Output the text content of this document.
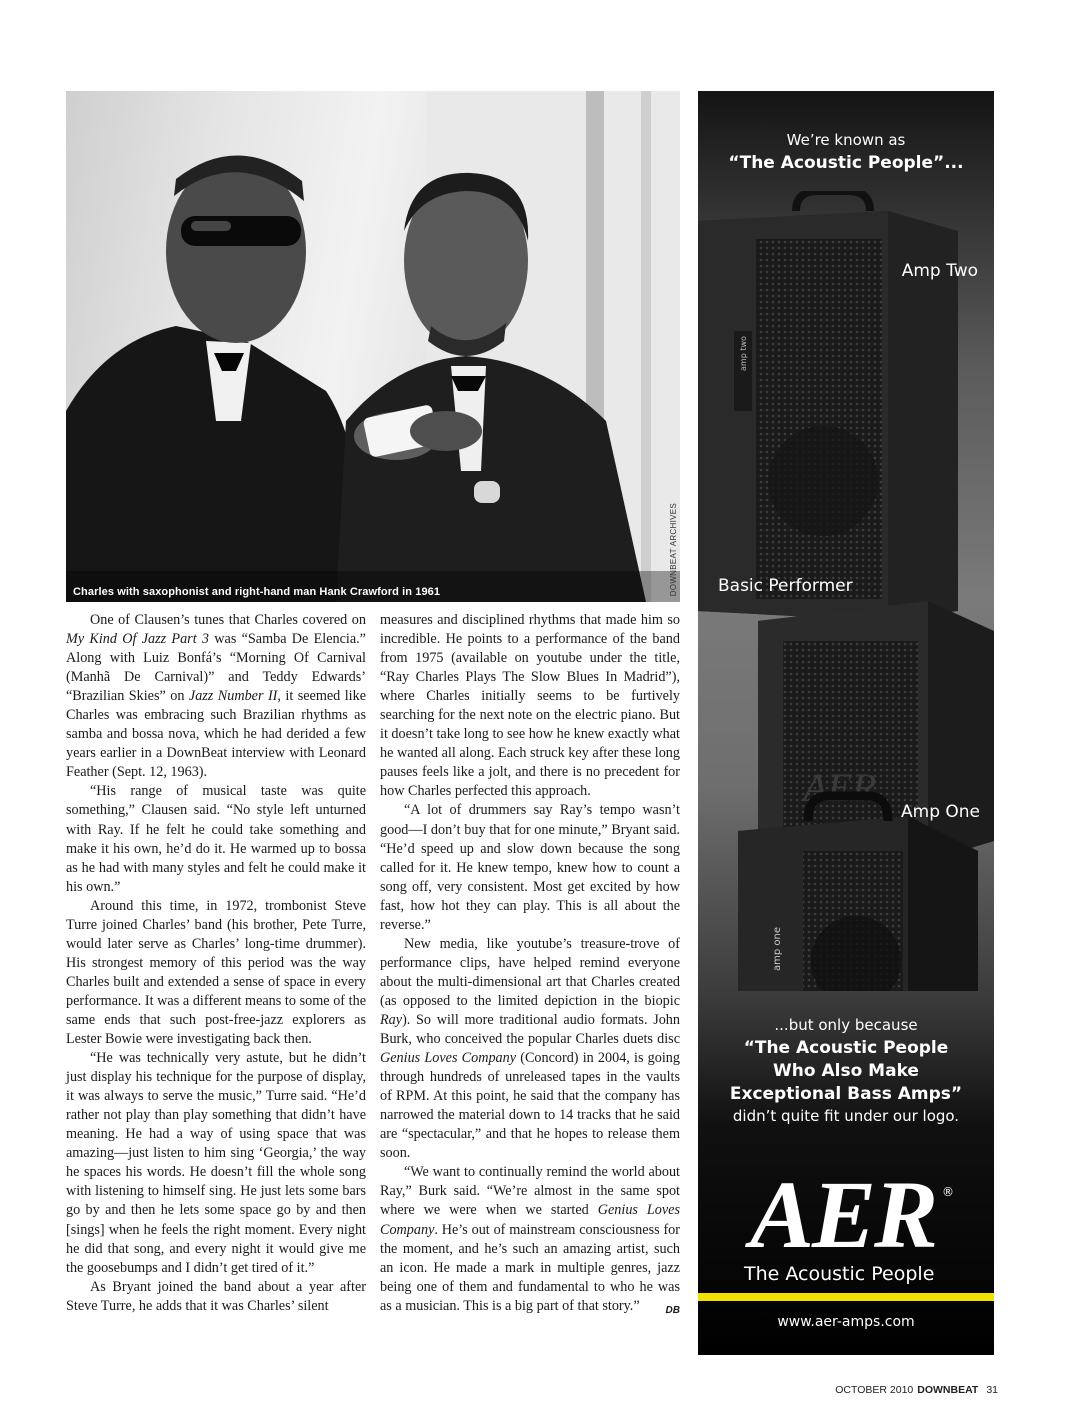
Charles with saxophonist and right-hand man Hank Crawford in 1961	DOWNBEAT ARCHIVES

One of Clausen’s tunes that Charles covered on My Kind Of Jazz Part 3 was “Samba De Elencia.” Along with Luiz Bonfá’s “Morning Of Carnival (Manhã De Carnival)” and Teddy Edwards’ “Brazilian Skies” on Jazz Number II, it seemed like Charles was embracing such Brazilian rhythms as samba and bossa nova, which he had derided a few years earlier in a DownBeat interview with Leonard Feather (Sept. 12, 1963).

“His range of musical taste was quite something,” Clausen said. “No style left unturned with Ray. If he felt he could take something and make it his own, he’d do it. He warmed up to bossa as he had with many styles and felt he could make it his own.”

Around this time, in 1972, trombonist Steve Turre joined Charles’ band (his brother, Pete Turre, would later serve as Charles’ long-time drummer). His strongest memory of this period was the way Charles built and extended a sense of space in every performance. It was a different means to some of the same ends that such post-free-jazz explorers as Lester Bowie were investigating back then.

“He was technically very astute, but he didn’t just display his technique for the purpose of display, it was always to serve the music,” Turre said. “He’d rather not play than play something that didn’t have meaning. He had a way of using space that was amazing—just listen to him sing ‘Georgia,’ the way he spaces his words. He doesn’t fill the whole song with listening to himself sing. He just lets some bars go by and then he lets some space go by and then [sings] when he feels the right moment. Every night he did that song, and every night it would give me the goosebumps and I didn’t get tired of it.”

As Bryant joined the band about a year after Steve Turre, he adds that it was Charles’ silent

measures and disciplined rhythms that made him so incredible. He points to a performance of the band from 1975 (available on youtube under the title, “Ray Charles Plays The Slow Blues In Madrid”), where Charles initially seems to be furtively searching for the next note on the electric piano. But it doesn’t take long to see how he knew exactly what he wanted all along. Each struck key after these long pauses feels like a jolt, and there is no precedent for how Charles perfected this approach.

“A lot of drummers say Ray’s tempo wasn’t good—I don’t buy that for one minute,” Bryant said. “He’d speed up and slow down because the song called for it. He knew tempo, knew how to count a song off, very consistent. Most get excited by how fast, how hot they can play. This is all about the reverse.”

New media, like youtube’s treasure-trove of performance clips, have helped remind everyone about the multi-dimensional art that Charles created (as opposed to the limited depiction in the biopic Ray). So will more traditional audio formats. John Burk, who conceived the popular Charles duets disc Genius Loves Company (Concord) in 2004, is going through hundreds of unreleased tapes in the vaults of RPM. At this point, he said that the company has narrowed the material down to 14 tracks that he said are “spectacular,” and that he hopes to release them soon.

“We want to continually remind the world about Ray,” Burk said. “We’re almost in the same spot where we were when we started Genius Loves Company. He’s out of mainstream consciousness for the moment, and he’s such an amazing artist, such an icon. He made a mark in multiple genres, jazz being one of them and fundamental to who he was as a musician. This is a big part of that story.”	DB

We’re known as
“The Acoustic People”...
amp two
AER
amp one
Amp Two
Basic Performer
Amp One
...but only because
“The Acoustic People
Who Also Make
Exceptional Bass Amps”
didn’t quite fit under our logo.
AER ®
The Acoustic People
www.aer-amps.com
OCTOBER 2010 DOWNBEAT 31
